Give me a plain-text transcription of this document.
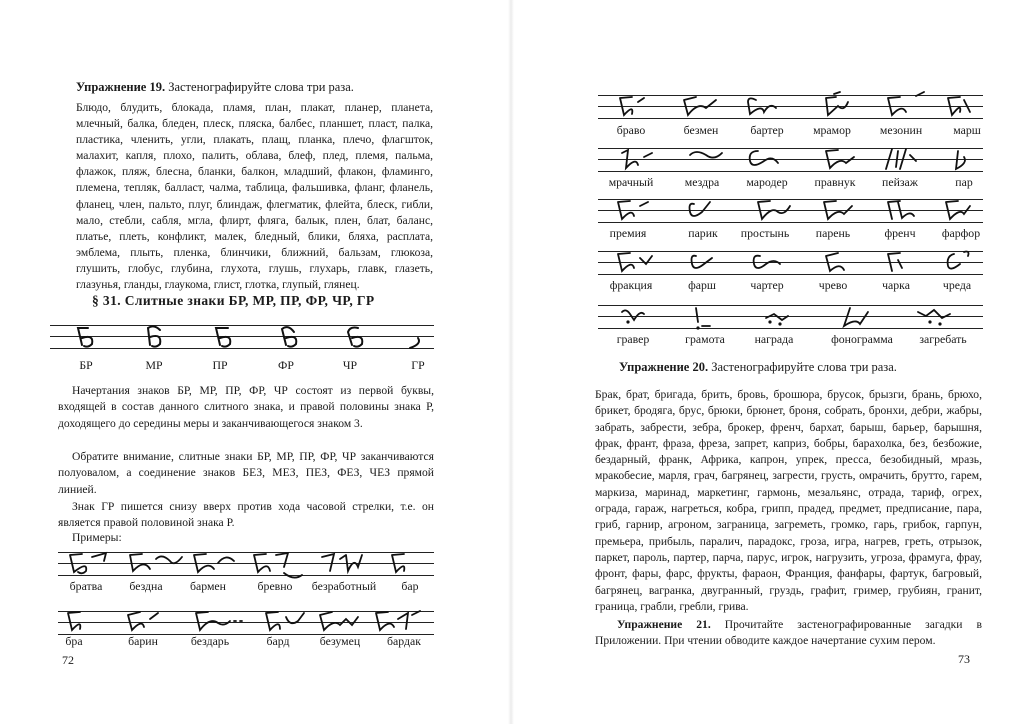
Упражнение 19. Застенографируйте слова три раза.
Блюдо, блудить, блокада, пламя, план, плакат, планер, планета, млечный, балка, бледен, плеск, пляска, балбес, планшет, пласт, палка, пластика, членить, угли, плакать, плащ, планка, плечо, флагшток, малахит, капля, плохо, палить, облава, блеф, плед, племя, пальма, флажок, пляж, блесна, бланки, балкон, младший, флакон, фламинго, племена, тепляк, балласт, чалма, таблица, фальшивка, фланг, фланель, фланец, член, пальто, плуг, блиндаж, флегматик, флейта, блеск, гибли, мало, стебли, сабля, мгла, флирт, фляга, балык, плен, блат, баланс, платье, плеть, конфликт, малек, бледный, блики, бляха, расплата, эмблема, плыть, пленка, блинчики, ближний, бальзам, глюкоза, глушить, глобус, глубина, глухота, глушь, глухарь, главк, глазеть, глазунья, гланды, глаукома, глист, глотка, глупый, глянец.
§ 31. Слитные знаки БР, МР, ПР, ФР, ЧР, ГР
БР	МР	ПР	ФР	ЧР	ГР
Начертания знаков БР, МР, ПР, ФР, ЧР состоят из первой буквы, входящей в состав данного слитного знака, и правой половины знака Р, доходящего до середины меры и заканчивающегося знаком 3.
Обратите внимание, слитные знаки БР, МР, ПР, ФР, ЧР заканчиваются полуовалом, а соединение знаков БЕЗ, МЕЗ, ПЕЗ, ФЕЗ, ЧЕЗ прямой линией.
Знак ГР пишется снизу вверх против хода часовой стрелки, т.е. он является правой половиной знака Р.
Примеры:
братва бездна бармен	бревно безработный бар
бра	барин	бездарь	бард	безумец бардак
72
браво	безмен	бартер мрамор мезонин	марш
мрачный	мездра мародер правнук пейзаж	пар
премия	парик простынь парень	френч фарфор
фракция	фарш	чартер	чрево	чарка	чреда
гравер	грамота	награда	фонограмма загребать
Упражнение 20. Застенографируйте слова три раза.
Брак, брат, бригада, брить, бровь, брошюра, брусок, брызги, брань, брюхо, брикет, бродяга, брус, брюки, брюнет, броня, собрать, бронхи, дебри, жабры, забрать, забрести, зебра, брокер, френч, бархат, барыш, барьер, барышня, фрак, франт, фраза, фреза, запрет, каприз, бобры, барахолка, без, безбожие, бездарный, франк, Африка, капрон, упрек, пресса, безобидный, мразь, мракобесие, марля, грач, багрянец, загрести, грусть, омрачить, брутто, гарем, маркиза, маринад, маркетинг, гармонь, мезальянс, отрада, тариф, огрех, ограда, гараж, нагреться, кобра, грипп, прадед, предмет, предписание, пара, гриб, гарнир, агроном, заграница, загреметь, громко, гарь, грибок, гарпун, премьера, прибыль, паралич, парадокс, гроза, игра, нагрев, греть, отрызок, паркет, пароль, партер, парча, парус, игрок, нагрузить, угроза, фрамуга, фрау, фронт, фары, фарс, фрукты, фараон, Франция, фанфары, фартук, багровый, багрянец, вагранка, двугранный, груздь, графит, гример, грубиян, гранит, граница, грабли, гребли, грива.
Упражнение 21. Прочитайте застенографированные загадки в Приложении. При чтении обводите каждое начертание сухим пером.
73
